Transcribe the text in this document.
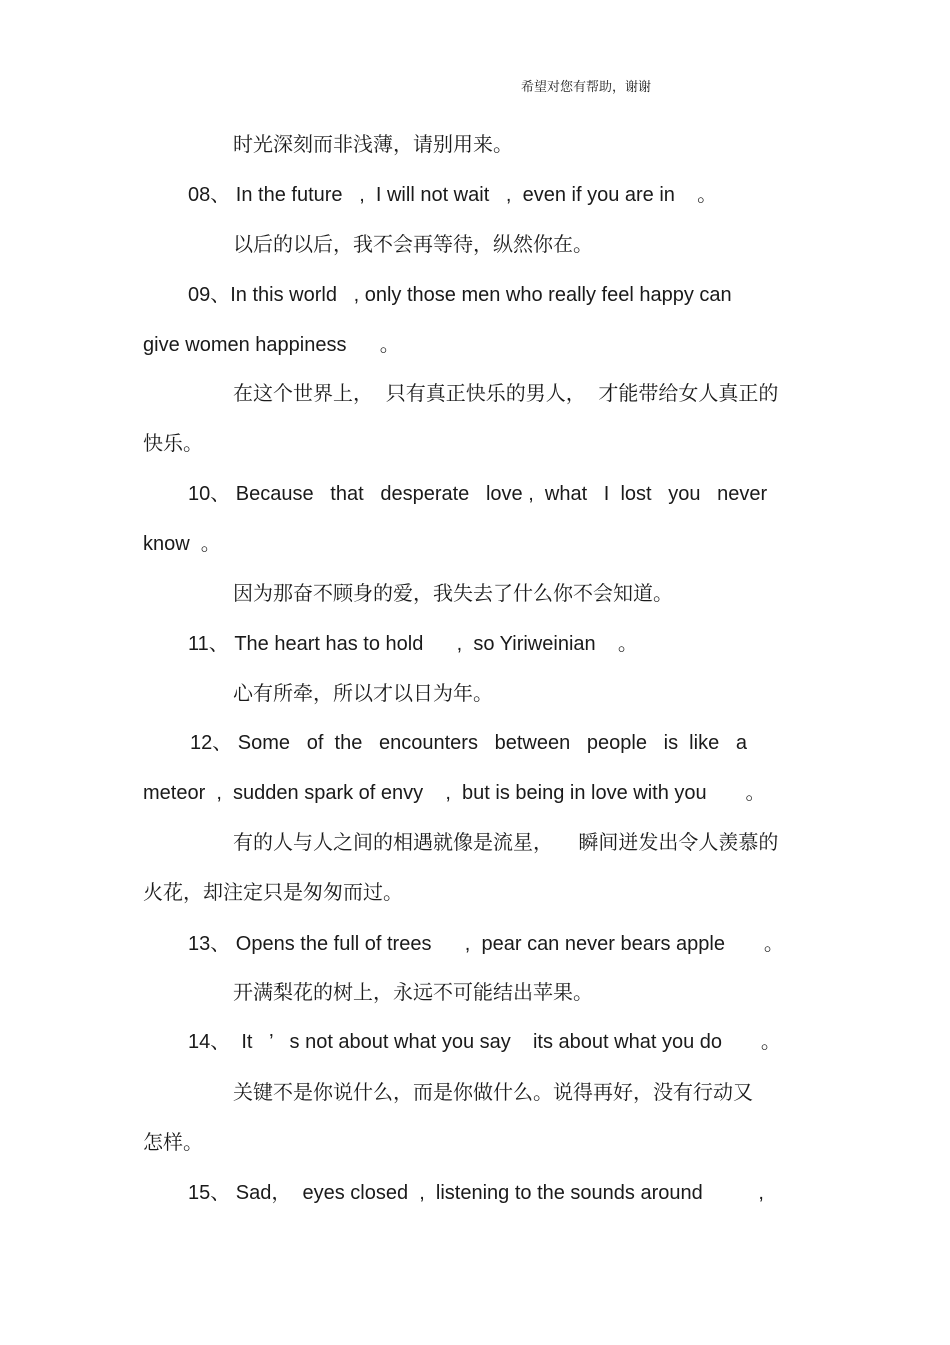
希望对您有帮助，谢谢
时光深刻而非浅薄，请别用来。
08、 In the future   ,  I will not wait   ,  even if you are in    。
以后的以后，我不会再等待，纵然你在。
09、In this world   , only those men who really feel happy can
give women happiness      。
在这个世界上，  只有真正快乐的男人，  才能带给女人真正的
快乐。
10、 Because   that   desperate   love ,  what   I  lost   you   never
know  。
因为那奋不顾身的爱，我失去了什么你不会知道。
11、 The heart has to hold      ,  so Yiriweinian    。
心有所牵，所以才以日为年。
12、 Some   of  the   encounters   between   people   is  like   a
meteor  ,  sudden spark of envy    ,  but is being in love with you       。
有的人与人之间的相遇就像是流星，    瞬间迸发出令人羡慕的
火花，却注定只是匆匆而过。
13、 Opens the full of trees      ,  pear can never bears apple       。
开满梨花的树上，永远不可能结出苹果。
14、  It   ’   s not about what you say    its about what you do       。
关键不是你说什么，而是你做什么。说得再好，没有行动又
怎样。
15、 Sad，  eyes closed  ,  listening to the sounds around          ,
